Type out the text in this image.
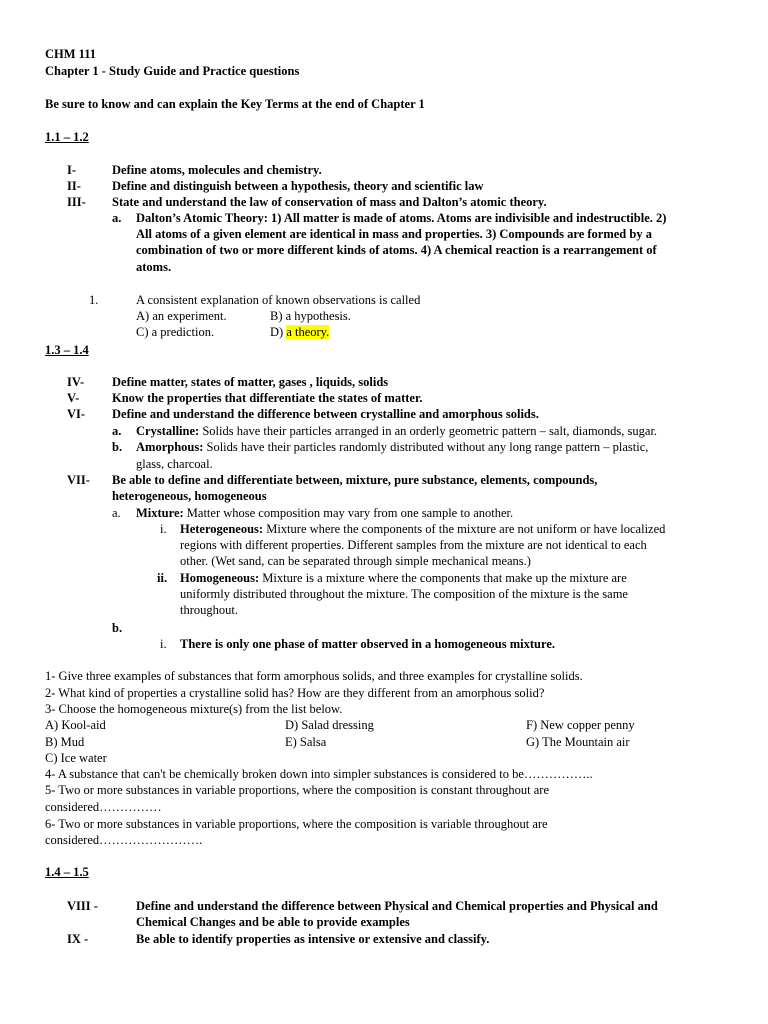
CHM 111
Chapter 1 - Study Guide and Practice questions
Be sure to know and can explain the Key Terms at the end of Chapter 1
1.1 – 1.2
I-	Define atoms, molecules and chemistry.
II- Define and distinguish between a hypothesis, theory and scientific law
III- State and understand the law of conservation of mass and Dalton’s atomic theory.
a. Dalton’s Atomic Theory: 1) All matter is made of atoms. Atoms are indivisible and indestructible. 2)
All atoms of a given element are identical in mass and properties. 3) Compounds are formed by a
combination of two or more different kinds of atoms. 4) A chemical reaction is a rearrangement of
atoms.
1.	A consistent explanation of known observations is called
A) an experiment.	B) a hypothesis.
C) a prediction.	D) a theory.
1.3 – 1.4
IV- Define matter, states of matter, gases , liquids, solids
V-	Know the properties that differentiate the states of matter.
VI- Define and understand the difference between crystalline and amorphous solids.
a. Crystalline: Solids have their particles arranged in an orderly geometric pattern – salt, diamonds, sugar.
b. Amorphous: Solids have their particles randomly distributed without any long range pattern – plastic,
glass, charcoal.
VII- Be able to define and differentiate between, mixture, pure substance, elements, compounds,
heterogeneous, homogeneous
a. Mixture: Matter whose composition may vary from one sample to another.
i. Heterogeneous: Mixture where the components of the mixture are not uniform or have localized
regions with different properties. Different samples from the mixture are not identical to each
other. (Wet sand, can be separated through simple mechanical means.)
ii. Homogeneous: Mixture is a mixture where the components that make up the mixture are
uniformly distributed throughout the mixture. The composition of the mixture is the same
throughout.
b.
i. There is only one phase of matter observed in a homogeneous mixture.
1- Give three examples of substances that form amorphous solids, and three examples for crystalline solids.
2- What kind of properties a crystalline solid has? How are they different from an amorphous solid?
3- Choose the homogeneous mixture(s) from the list below.
A) Kool-aid	D) Salad dressing	F) New copper penny
B) Mud	E) Salsa	G) The Mountain air
C) Ice water
4- A substance that can't be chemically broken down into simpler substances is considered to be……………..
5- Two or more substances in variable proportions, where the composition is constant throughout are
considered……………
6- Two or more substances in variable proportions, where the composition is variable throughout are
considered…………………….
1.4 – 1.5
VIII -	Define and understand the difference between Physical and Chemical properties and Physical and
Chemical Changes and be able to provide examples
IX -	Be able to identify properties as intensive or extensive and classify.
